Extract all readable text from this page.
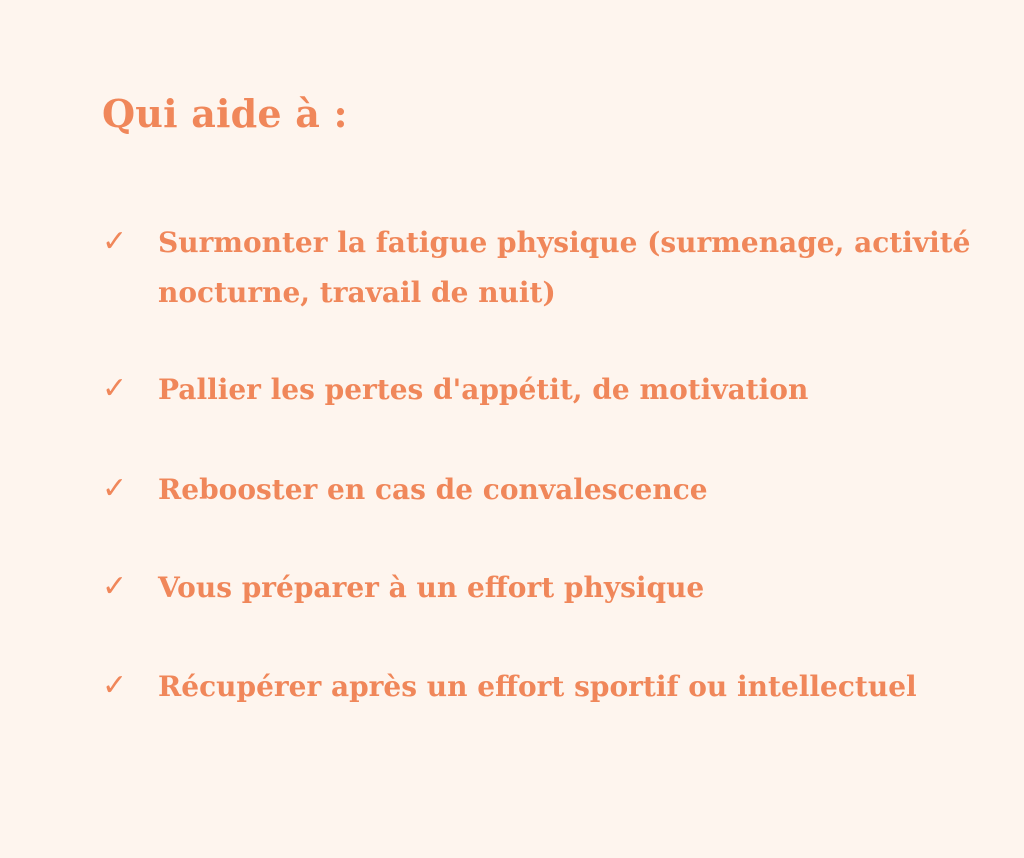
Qui aide à :
✓ Surmonter la fatigue physique (surmenage, activité nocturne, travail de nuit)
✓ Pallier les pertes d'appétit, de motivation
✓ Rebooster en cas de convalescence
✓ Vous préparer à un effort physique
✓ Récupérer après un effort sportif ou intellectuel
